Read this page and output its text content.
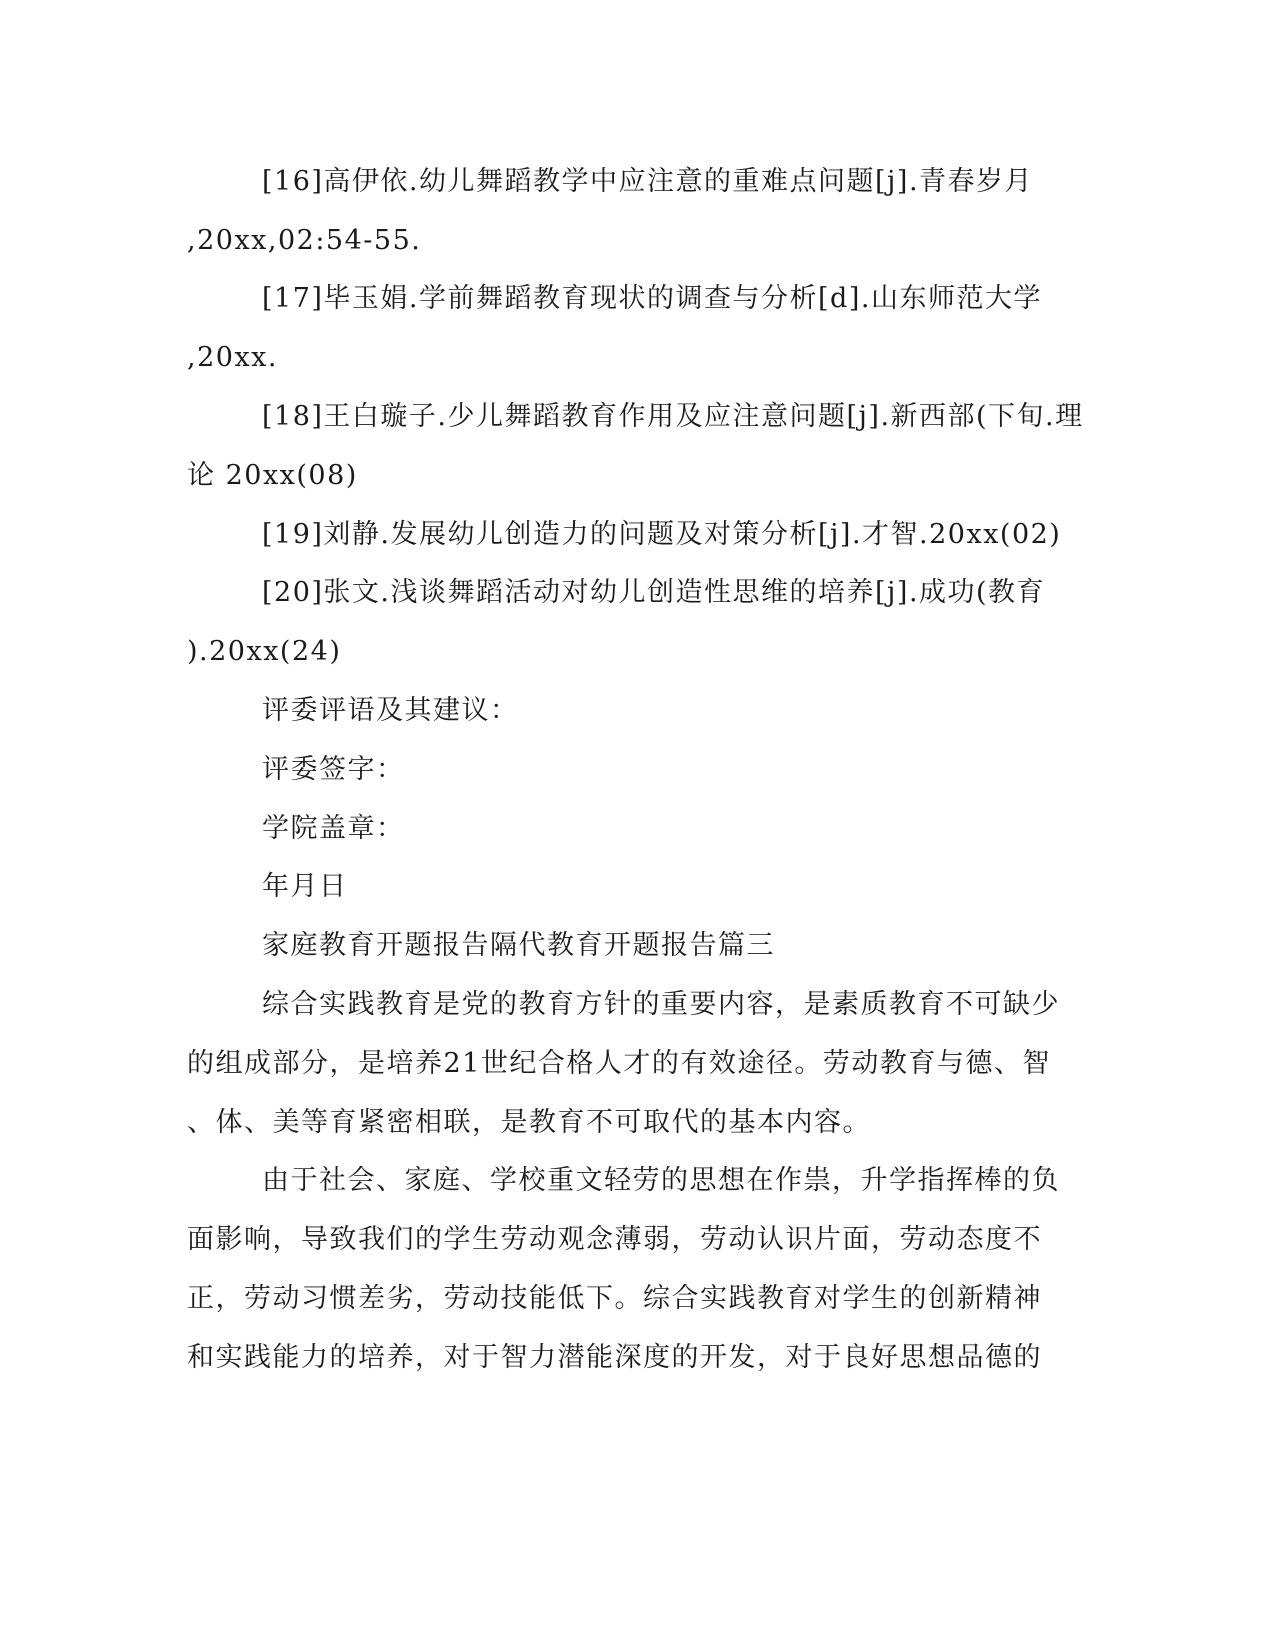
[16]高伊依.幼儿舞蹈教学中应注意的重难点问题[j].青春岁月
,20xx,02:54-55.
[17]毕玉娟.学前舞蹈教育现状的调查与分析[d].山东师范大学
,20xx.
[18]王白璇子.少儿舞蹈教育作用及应注意问题[j].新西部(下旬.理
论 20xx(08)
[19]刘静.发展幼儿创造力的问题及对策分析[j].才智.20xx(02)
[20]张文.浅谈舞蹈活动对幼儿创造性思维的培养[j].成功(教育
).20xx(24)
评委评语及其建议：
评委签字：
学院盖章：
年月日
家庭教育开题报告隔代教育开题报告篇三
综合实践教育是党的教育方针的重要内容，是素质教育不可缺少
的组成部分，是培养21世纪合格人才的有效途径。劳动教育与德、智
、体、美等育紧密相联，是教育不可取代的基本内容。
由于社会、家庭、学校重文轻劳的思想在作祟，升学指挥棒的负
面影响，导致我们的学生劳动观念薄弱，劳动认识片面，劳动态度不
正，劳动习惯差劣，劳动技能低下。综合实践教育对学生的创新精神
和实践能力的培养，对于智力潜能深度的开发，对于良好思想品德的
